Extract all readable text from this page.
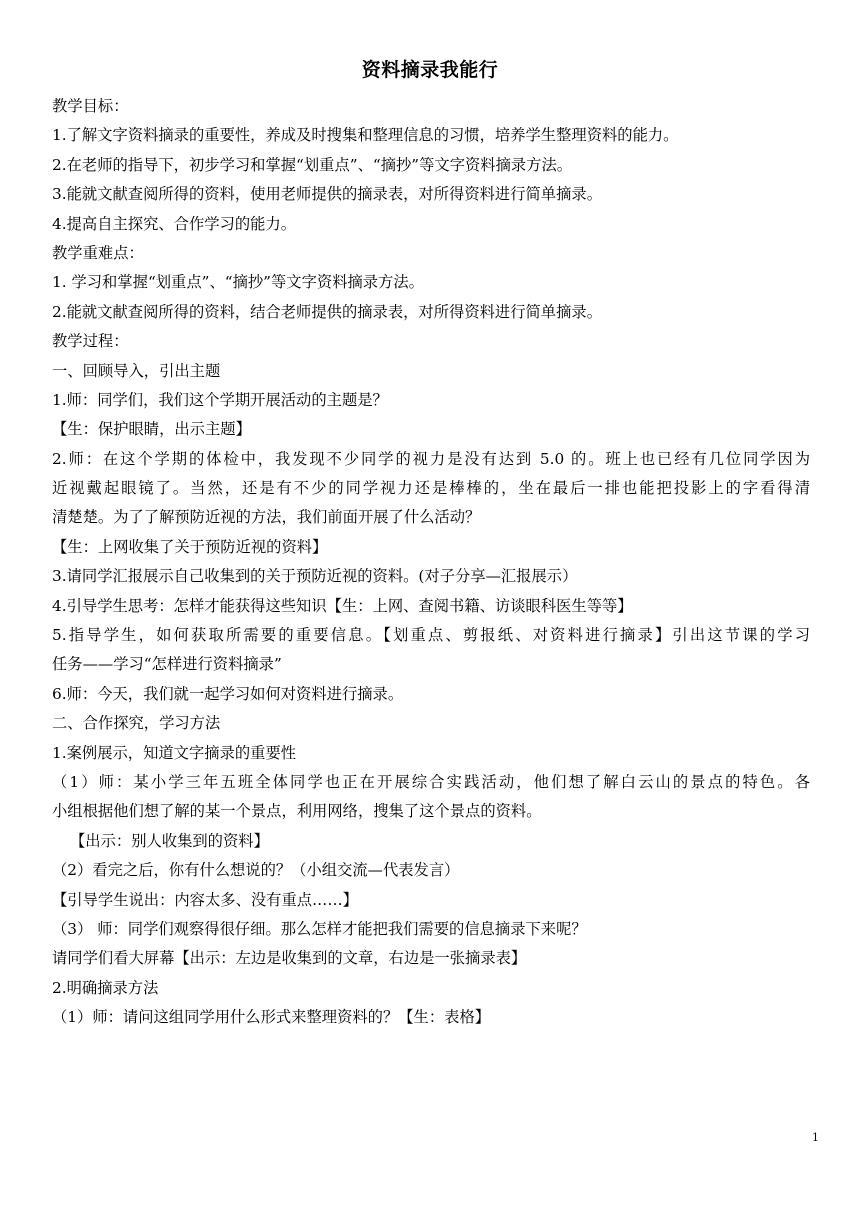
资料摘录我能行
教学目标：
1.了解文字资料摘录的重要性，养成及时搜集和整理信息的习惯，培养学生整理资料的能力。
2.在老师的指导下，初步学习和掌握“划重点”、“摘抄”等文字资料摘录方法。
3.能就文献查阅所得的资料，使用老师提供的摘录表，对所得资料进行简单摘录。
4.提高自主探究、合作学习的能力。
教学重难点：
1. 学习和掌握“划重点”、“摘抄”等文字资料摘录方法。
2.能就文献查阅所得的资料，结合老师提供的摘录表，对所得资料进行简单摘录。
教学过程：
一、回顾导入，引出主题
1.师：同学们，我们这个学期开展活动的主题是？
【生：保护眼睛，出示主题】
2.师：在这个学期的体检中，我发现不少同学的视力是没有达到 5.0 的。班上也已经有几位同学因为
近视戴起眼镜了。当然，还是有不少的同学视力还是棒棒的，坐在最后一排也能把投影上的字看得清
清楚楚。为了了解预防近视的方法，我们前面开展了什么活动？
【生：上网收集了关于预防近视的资料】
3.请同学汇报展示自己收集到的关于预防近视的资料。(对子分享—汇报展示）
4.引导学生思考：怎样才能获得这些知识【生：上网、查阅书籍、访谈眼科医生等等】
5.指导学生，如何获取所需要的重要信息。【划重点、剪报纸、对资料进行摘录】引出这节课的学习
任务——学习“怎样进行资料摘录”
6.师：今天，我们就一起学习如何对资料进行摘录。
二、合作探究，学习方法
1.案例展示，知道文字摘录的重要性
（1）师：某小学三年五班全体同学也正在开展综合实践活动，他们想了解白云山的景点的特色。各
小组根据他们想了解的某一个景点，利用网络，搜集了这个景点的资料。
【出示：别人收集到的资料】
（2）看完之后，你有什么想说的？（小组交流—代表发言）
【引导学生说出：内容太多、没有重点……】
（3） 师：同学们观察得很仔细。那么怎样才能把我们需要的信息摘录下来呢？
请同学们看大屏幕【出示：左边是收集到的文章，右边是一张摘录表】
2.明确摘录方法
（1）师：请问这组同学用什么形式来整理资料的？【生：表格】
1
